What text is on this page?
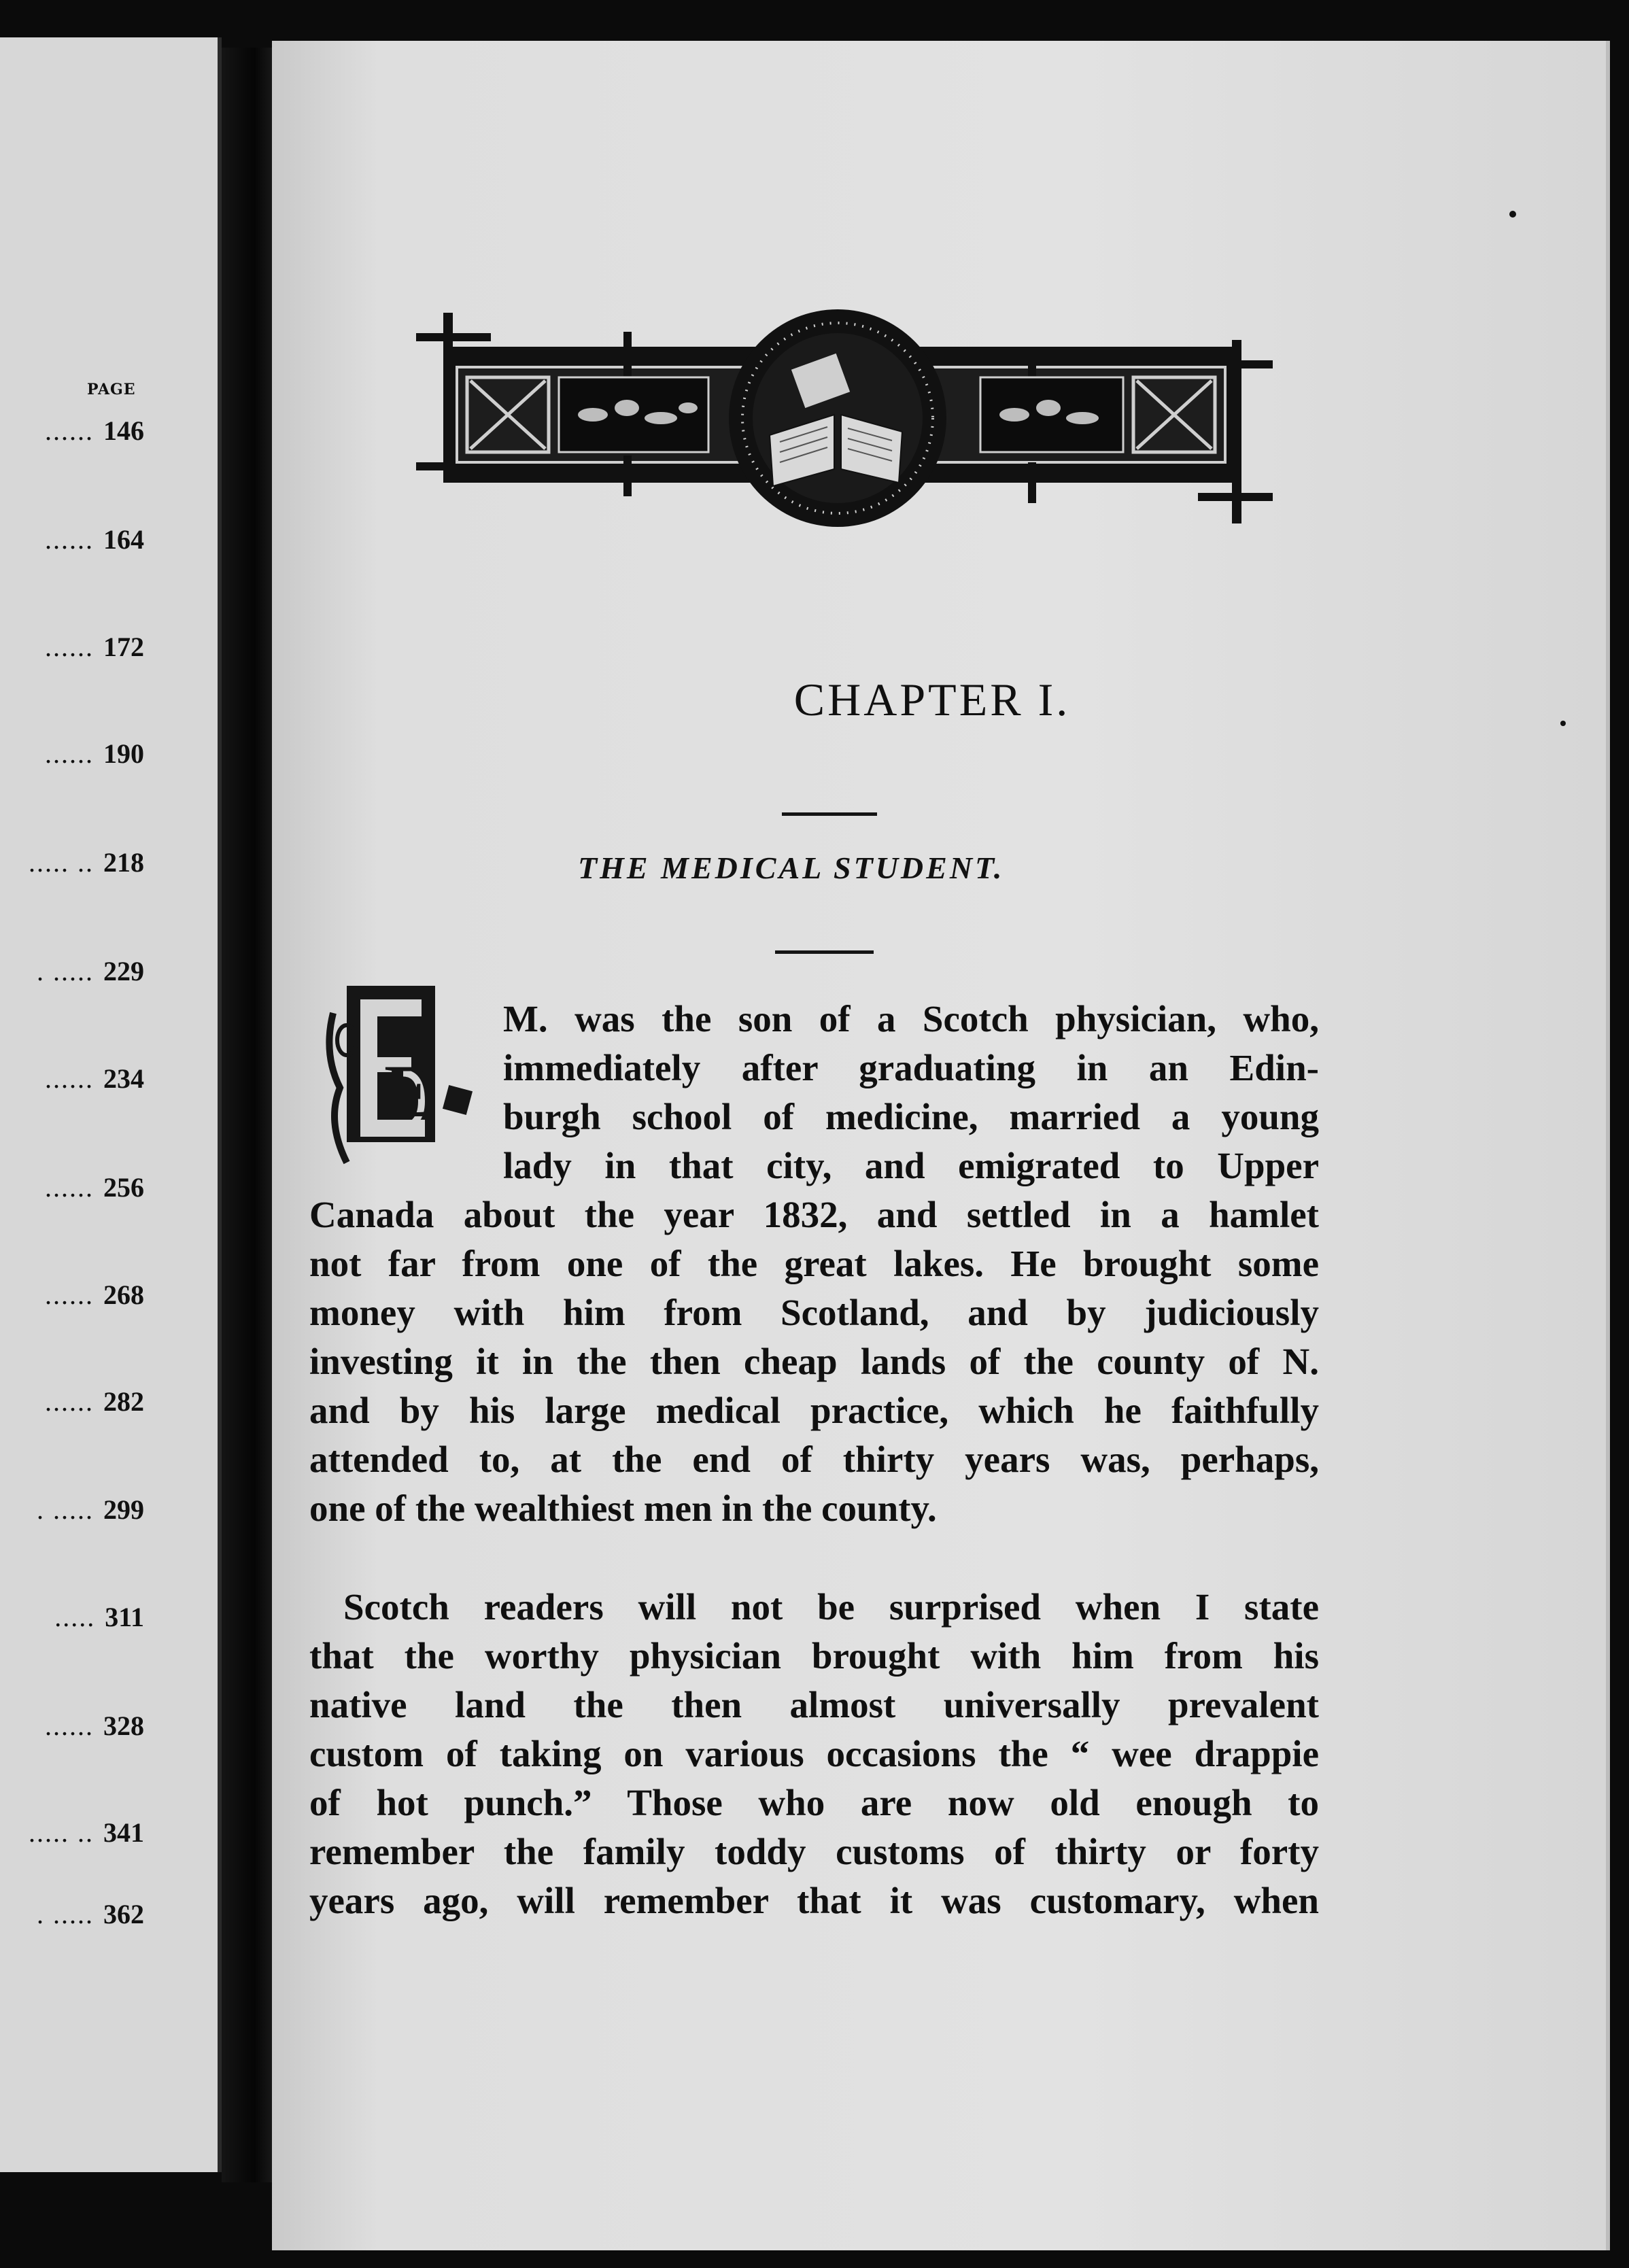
PAGE
...... 146
...... 164
...... 172
...... 190
..... .. 218
. ..... 229
...... 234
...... 256
...... 268
...... 282
. ..... 299
..... 311
...... 328
..... .. 341
. ..... 362
CHAPTER I.
THE MEDICAL STUDENT.
E
M. was the son of a Scotch physician, who,
immediately after graduating in an Edin-
burgh school of medicine, married a young
lady in that city, and emigrated to Upper
Canada about the year 1832, and settled in a hamlet
not far from one of the great lakes. He brought some
money with him from Scotland, and by judiciously
investing it in the then cheap lands of the county of N.
and by his large medical practice, which he faithfully
attended to, at the end of thirty years was, perhaps,
one of the wealthiest men in the county.
Scotch readers will not be surprised when I state
that the worthy physician brought with him from his
native land the then almost universally prevalent
custom of taking on various occasions the “ wee drappie
of hot punch.” Those who are now old enough to
remember the family toddy customs of thirty or forty
years ago, will remember that it was customary, when
